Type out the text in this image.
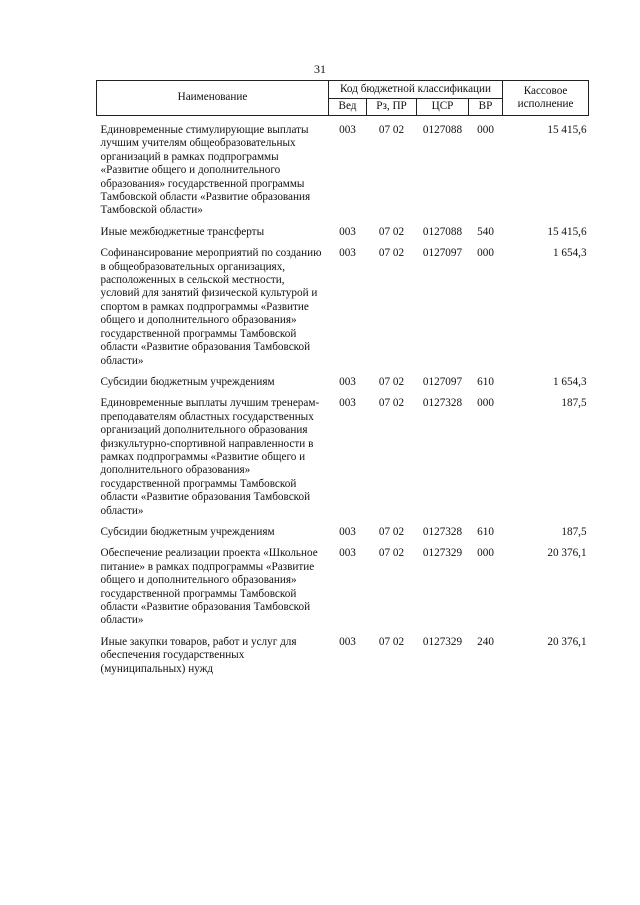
31
Наименование	Код бюджетной классификации				Кассовое исполнение
	Вед	Рз, ПР	ЦСР	ВР	

Единовременные стимулирующие выплаты лучшим учителям общеобразовательных организаций в рамках подпрограммы «Развитие общего и дополнительного образования» государственной программы Тамбовской области «Развитие образования Тамбовской области»	003	07 02	0127088	000	15 415,6
Иные межбюджетные трансферты	003	07 02	0127088	540	15 415,6
Софинансирование мероприятий по созданию в общеобразовательных организациях, расположенных в сельской местности, условий для занятий физической культурой и спортом в рамках подпрограммы «Развитие общего и дополнительного образования» государственной программы Тамбовской области «Развитие образования Тамбовской области»	003	07 02	0127097	000	1 654,3
Субсидии бюджетным учреждениям	003	07 02	0127097	610	1 654,3
Единовременные выплаты лучшим тренерам-преподавателям областных государственных организаций дополнительного образования физкультурно-спортивной направленности в рамках подпрограммы «Развитие общего и дополнительного образования» государственной программы Тамбовской области «Развитие образования Тамбовской области»	003	07 02	0127328	000	187,5
Субсидии бюджетным учреждениям	003	07 02	0127328	610	187,5
Обеспечение реализации проекта «Школьное питание» в рамках подпрограммы «Развитие общего и дополнительного образования» государственной программы Тамбовской области «Развитие образования Тамбовской области»	003	07 02	0127329	000	20 376,1
Иные закупки товаров, работ и услуг для обеспечения государственных (муниципальных) нужд	003	07 02	0127329	240	20 376,1
